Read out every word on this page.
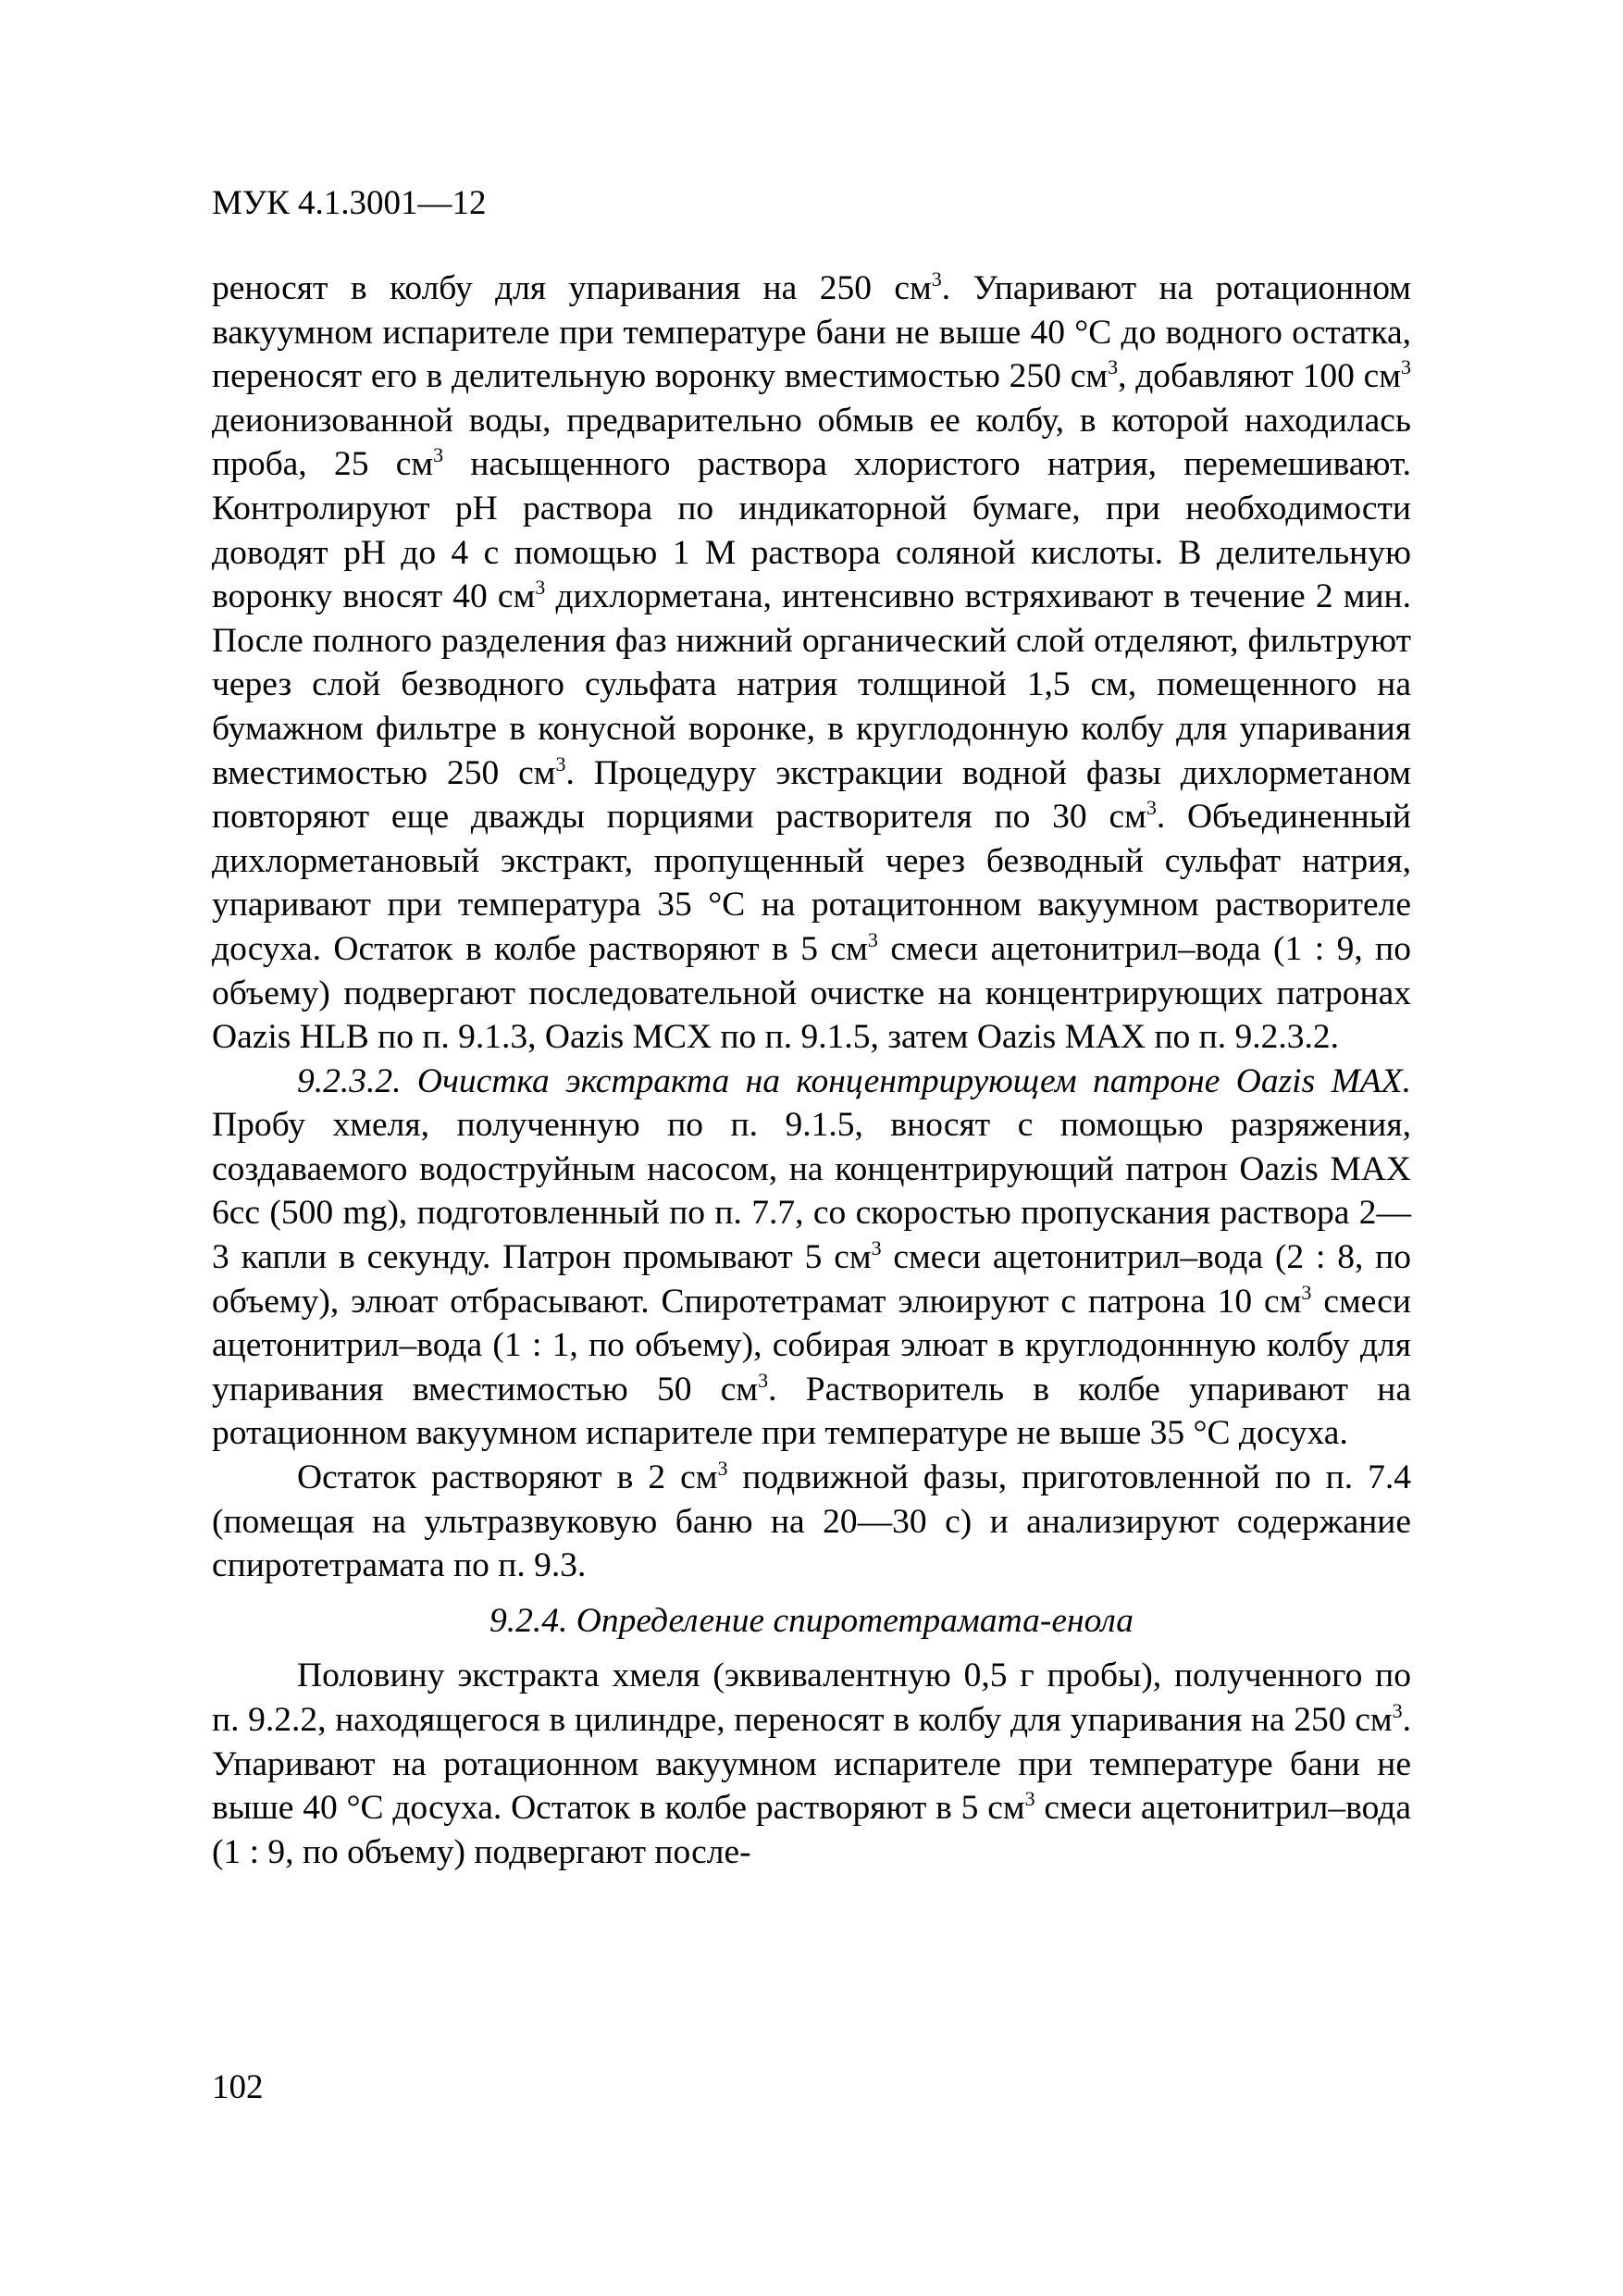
МУК 4.1.3001—12

реносят в колбу для упаривания на 250 $см^3$. Упаривают на ротационном вакуумном испарителе при температуре бани не выше 40 °C до водного остатка, переносят его в делительную воронку вместимостью 250 $см^3$, добавляют 100 $см^3$ деионизованной воды, предварительно обмыв ее колбу, в которой находилась проба, 25 $см^3$ насыщенного раствора хлористого натрия, перемешивают. Контролируют pH раствора по индикаторной бумаге, при необходимости доводят pH до 4 с помощью 1 М раствора соляной кислоты. В делительную воронку вносят 40 $см^3$ дихлорметана, интенсивно встряхивают в течение 2 мин. После полного разделения фаз нижний органический слой отделяют, фильтруют через слой безводного сульфата натрия толщиной 1,5 см, помещенного на бумажном фильтре в конусной воронке, в круглодонную колбу для упаривания вместимостью 250 $см^3$. Процедуру экстракции водной фазы дихлорметаном повторяют еще дважды порциями растворителя по 30 $см^3$. Объединенный дихлорметановый экстракт, пропущенный через безводный сульфат натрия, упаривают при температура 35 °C на ротацитонном вакуумном растворителе досуха. Остаток в колбе растворяют в 5 $см^3$ смеси ацетонитрил–вода (1 : 9, по объему) подвергают последовательной очистке на концентрирующих патронах Oazis HLB по п. 9.1.3, Oazis MCX по п. 9.1.5, затем Oazis MAX по п. 9.2.3.2.

9.2.3.2. Очистка экстракта на концентрирующем патроне Oazis MAX. Пробу хмеля, полученную по п. 9.1.5, вносят с помощью разряжения, создаваемого водоструйным насосом, на концентрирующий патрон Oazis MAX 6cc (500 mg), подготовленный по п. 7.7, со скоростью пропускания раствора 2—3 капли в секунду. Патрон промывают 5 $см^3$ смеси ацетонитрил–вода (2 : 8, по объему), элюат отбрасывают. Спиротетрамат элюируют с патрона 10 $см^3$ смеси ацетонитрил–вода (1 : 1, по объему), собирая элюат в круглодоннную колбу для упаривания вместимостью 50 $см^3$. Растворитель в колбе упаривают на ротационном вакуумном испарителе при температуре не выше 35 °C досуха.

Остаток растворяют в 2 $см^3$ подвижной фазы, приготовленной по п. 7.4 (помещая на ультразвуковую баню на 20—30 с) и анализируют содержание спиротетрамата по п. 9.3.

9.2.4. Определение спиротетрамата-енола

Половину экстракта хмеля (эквивалентную 0,5 г пробы), полученного по п. 9.2.2, находящегося в цилиндре, переносят в колбу для упаривания на 250 $см^3$. Упаривают на ротационном вакуумном испарителе при температуре бани не выше 40 °C досуха. Остаток в колбе растворяют в 5 $см^3$ смеси ацетонитрил–вода (1 : 9, по объему) подвергают после-

102
